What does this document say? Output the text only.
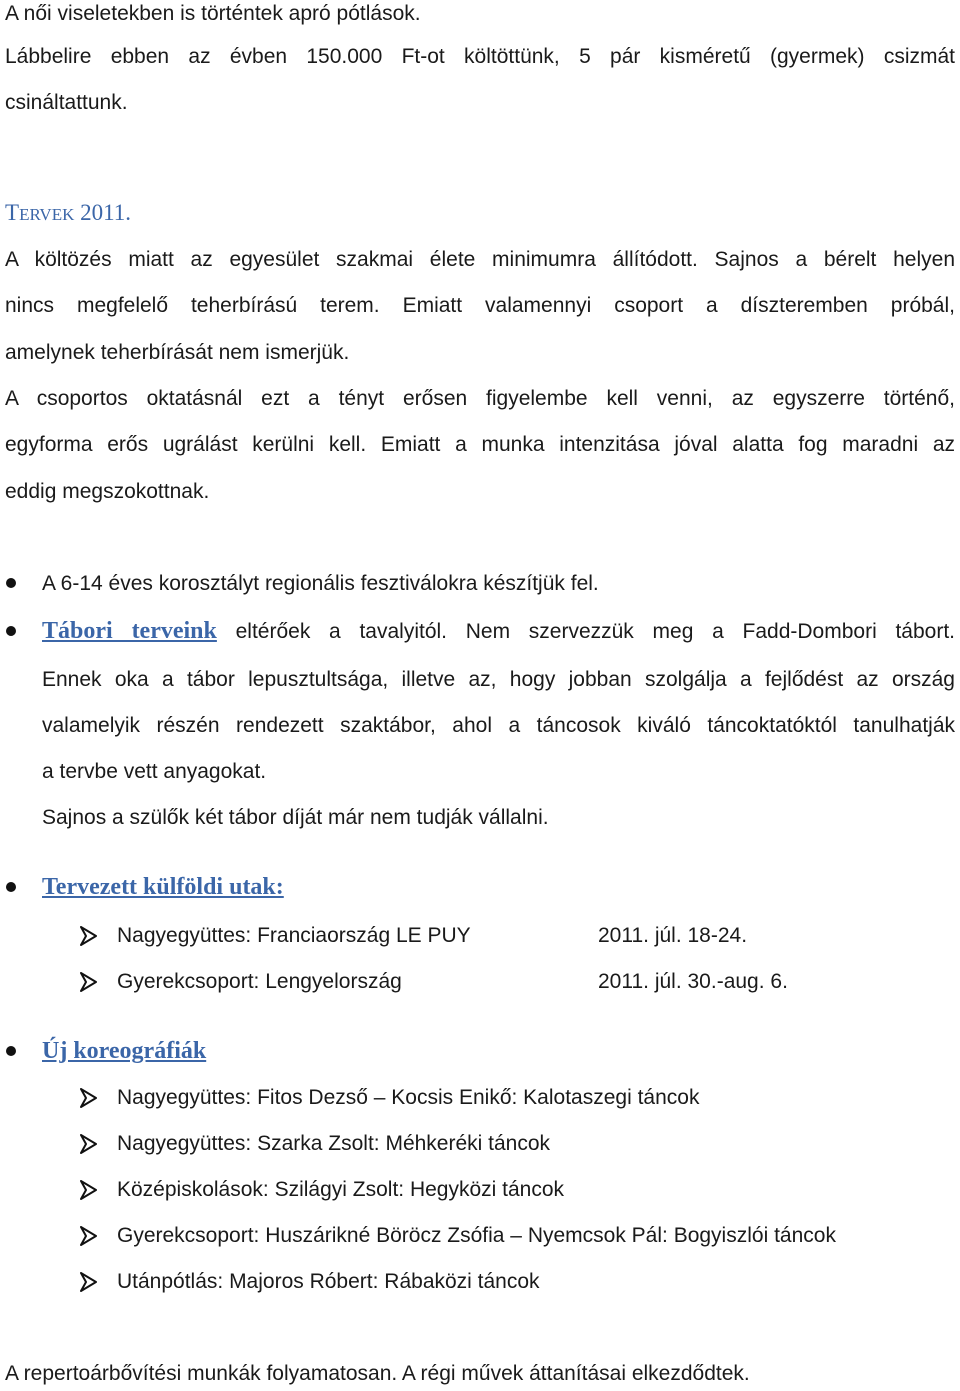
A női viseletekben is történtek apró pótlások.
Lábbelire ebben az évben 150.000 Ft-ot költöttünk, 5 pár kisméretű (gyermek) csizmát
csináltattunk.
TERVEK 2011.
A költözés miatt az egyesület szakmai élete minimumra állítódott. Sajnos a bérelt helyen
nincs megfelelő teherbírású terem. Emiatt valamennyi csoport a díszteremben próbál,
amelynek teherbírását nem ismerjük.
A csoportos oktatásnál ezt a tényt erősen figyelembe kell venni, az egyszerre történő,
egyforma erős ugrálást kerülni kell. Emiatt a munka intenzitása jóval alatta fog maradni az
eddig megszokottnak.
A 6-14 éves korosztályt regionális fesztiválokra készítjük fel.
Tábori terveink eltérőek a tavalyitól. Nem szervezzük meg a Fadd-Dombori tábort.
Ennek oka a tábor lepusztultsága, illetve az, hogy jobban szolgálja a fejlődést az ország
valamelyik részén rendezett szaktábor, ahol a táncosok kiváló táncoktatóktól tanulhatják
a tervbe vett anyagokat.
Sajnos a szülők két tábor díját már nem tudják vállalni.
Tervezett külföldi utak:
Nagyegyüttes: Franciaország LE PUY	2011. júl. 18-24.
Gyerekcsoport: Lengyelország	2011. júl. 30.-aug. 6.
Új koreográfiák
Nagyegyüttes: Fitos Dezső – Kocsis Enikő: Kalotaszegi táncok
Nagyegyüttes: Szarka Zsolt: Méhkeréki táncok
Középiskolások: Szilágyi Zsolt: Hegyközi táncok
Gyerekcsoport: Huszárikné Böröcz Zsófia – Nyemcsok Pál: Bogyiszlói táncok
Utánpótlás: Majoros Róbert: Rábaközi táncok
A repertoárbővítési munkák folyamatosan. A régi művek áttanításai elkezdődtek.
